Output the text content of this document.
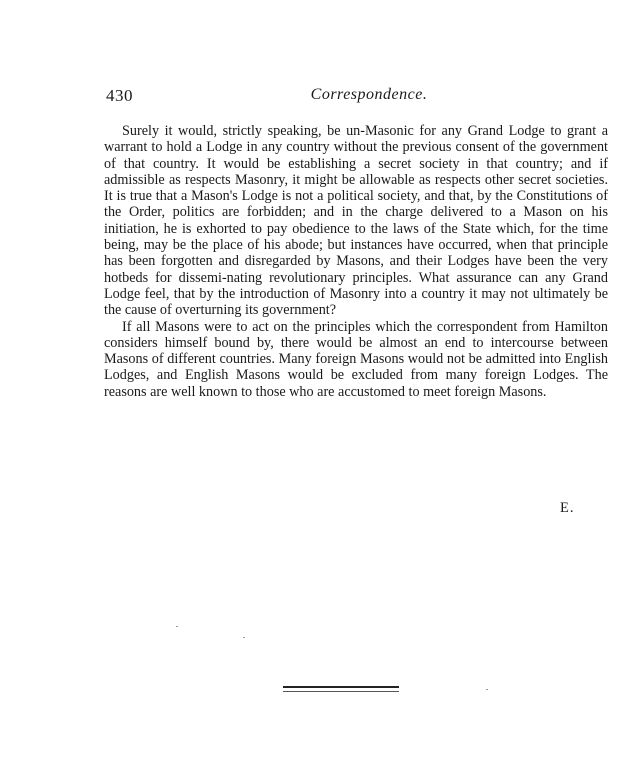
430	Correspondence.

Surely it would, strictly speaking, be un-Masonic for any Grand Lodge to grant a warrant to hold a Lodge in any country without the previous consent of the government of that country. It would be establishing a secret society in that country; and if admissible as respects Masonry, it might be allowable as respects other secret societies. It is true that a Mason's Lodge is not a political society, and that, by the Constitutions of the Order, politics are forbidden; and in the charge delivered to a Mason on his initiation, he is exhorted to pay obedience to the laws of the State which, for the time being, may be the place of his abode; but instances have occurred, when that principle has been forgotten and disregarded by Masons, and their Lodges have been the very hotbeds for dissemi-nating revolutionary principles. What assurance can any Grand Lodge feel, that by the introduction of Masonry into a country it may not ultimately be the cause of overturning its government?

If all Masons were to act on the principles which the correspondent from Hamilton considers himself bound by, there would be almost an end to intercourse between Masons of different countries. Many foreign Masons would not be admitted into English Lodges, and English Masons would be excluded from many foreign Lodges. The reasons are well known to those who are accustomed to meet foreign Masons.

E.
